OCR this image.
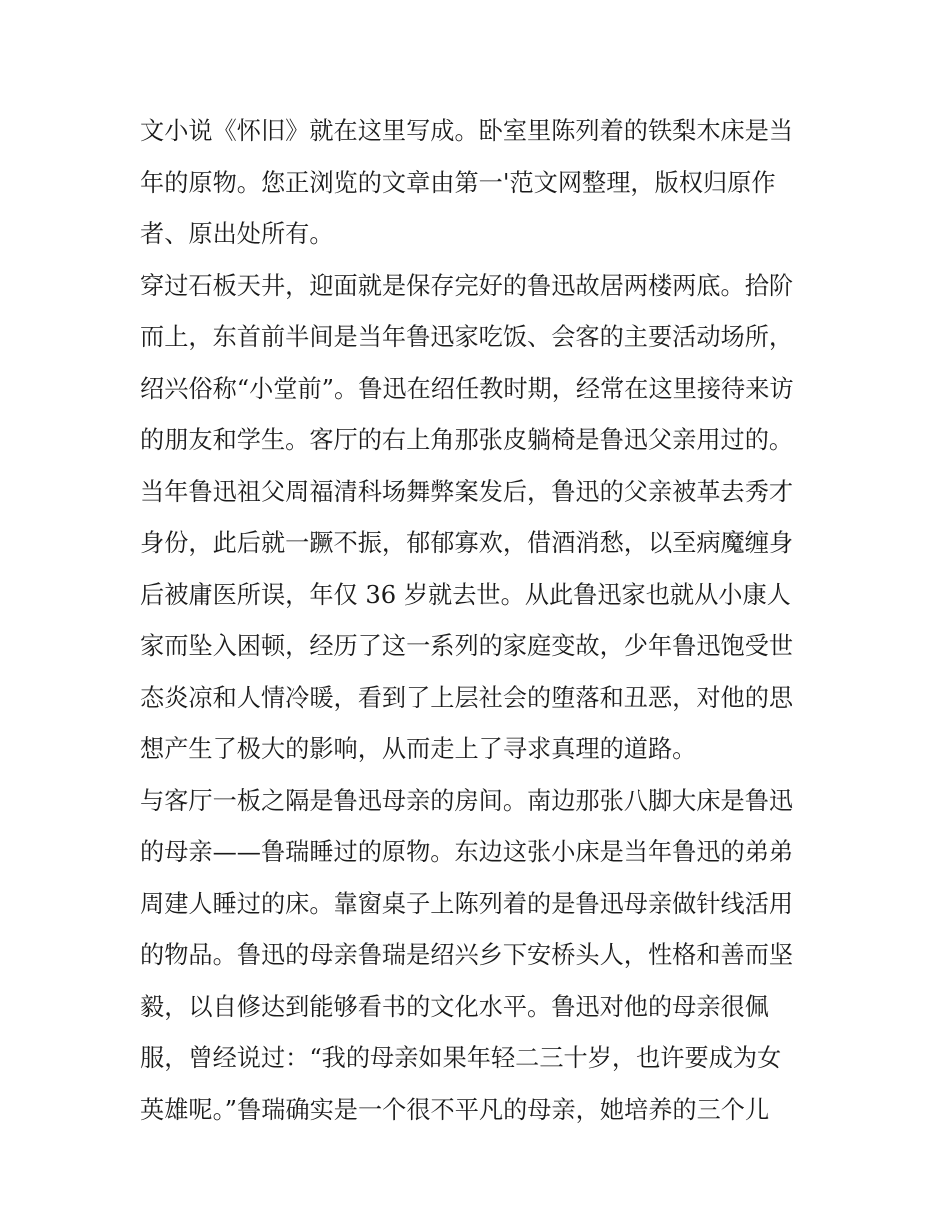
文小说《怀旧》就在这里写成。卧室里陈列着的铁梨木床是当
年的原物。您正浏览的文章由第一'范文网整理，版权归原作
者、原出处所有。
穿过石板天井，迎面就是保存完好的鲁迅故居两楼两底。拾阶
而上，东首前半间是当年鲁迅家吃饭、会客的主要活动场所，
绍兴俗称“小堂前”。鲁迅在绍任教时期，经常在这里接待来访
的朋友和学生。客厅的右上角那张皮躺椅是鲁迅父亲用过的。
当年鲁迅祖父周福清科场舞弊案发后，鲁迅的父亲被革去秀才
身份，此后就一蹶不振，郁郁寡欢，借酒消愁，以至病魔缠身
后被庸医所误，年仅 36 岁就去世。从此鲁迅家也就从小康人
家而坠入困顿，经历了这一系列的家庭变故，少年鲁迅饱受世
态炎凉和人情冷暖，看到了上层社会的堕落和丑恶，对他的思
想产生了极大的影响，从而走上了寻求真理的道路。
与客厅一板之隔是鲁迅母亲的房间。南边那张八脚大床是鲁迅
的母亲——鲁瑞睡过的原物。东边这张小床是当年鲁迅的弟弟
周建人睡过的床。靠窗桌子上陈列着的是鲁迅母亲做针线活用
的物品。鲁迅的母亲鲁瑞是绍兴乡下安桥头人，性格和善而坚
毅，以自修达到能够看书的文化水平。鲁迅对他的母亲很佩
服，曾经说过：“我的母亲如果年轻二三十岁，也许要成为女
英雄呢。”鲁瑞确实是一个很不平凡的母亲，她培养的三个儿
